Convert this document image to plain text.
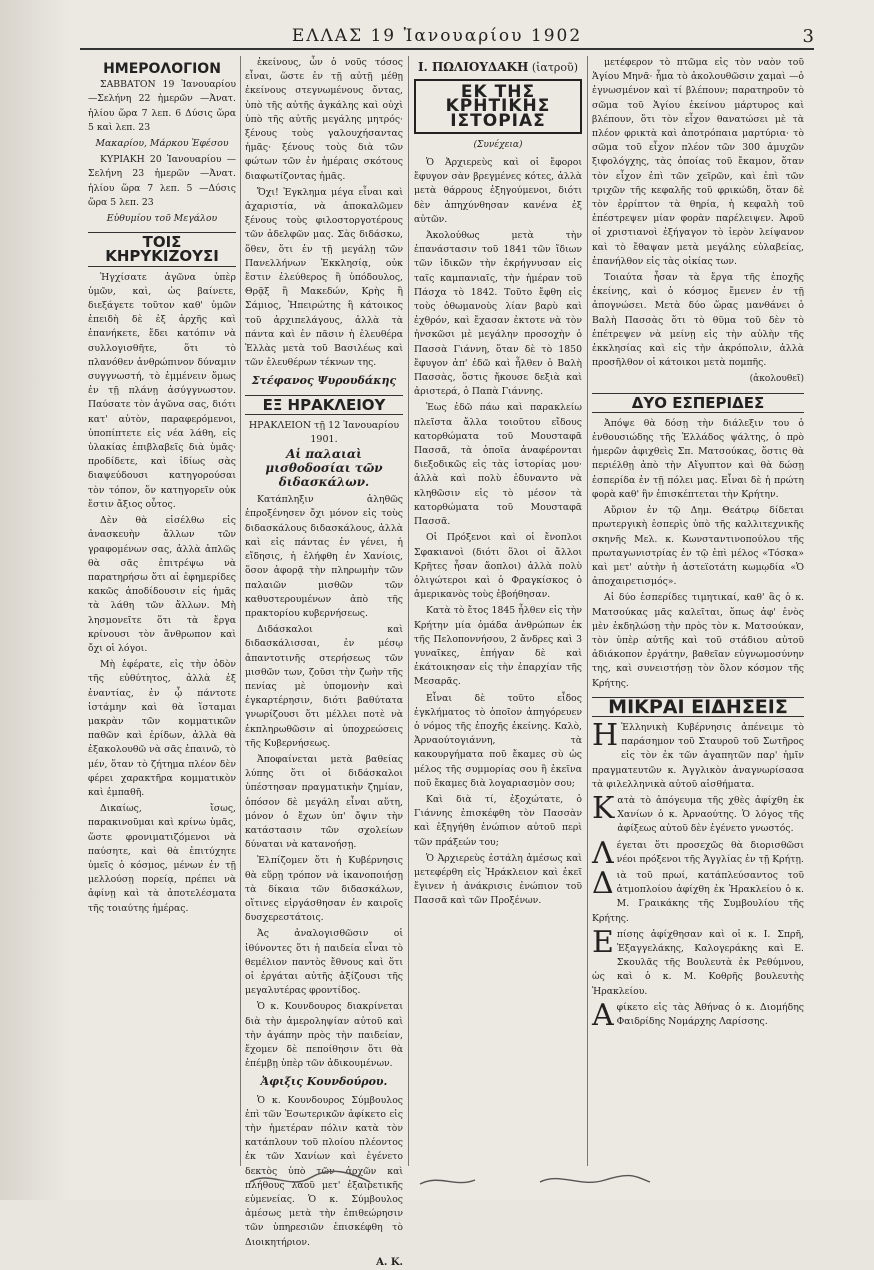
ΕΛΛΑΣ 19 Ἰανουαρίου 1902	3
ΗΜΕΡΟΛΟΓΙΟΝ

ΣΑΒΒΑΤΟΝ 19 Ἰανουαρίου —Σελήνη 22 ἡμερῶν —Ἀνατ. ἡλίου ὥρα 7 λεπ. 6 Δύσις ὥρα 5 καὶ λεπ. 23

Μακαρίου, Μάρκου Ἐφέσου

ΚΥΡΙΑΚΗ 20 Ἰανουαρίου —Σελήνη 23 ἡμερῶν —Ἀνατ. ἡλίου ὥρα 7 λεπ. 5 —Δύσις ὥρα 5 λεπ. 23

Εὐθυμίου τοῦ Μεγάλου

ΤΟΙΣ ΚΗΡΥΚΙΖΟΥΣΙ

Ἠγχίσατε ἀγῶνα ὑπὲρ ὑμῶν, καὶ, ὡς βαίνετε, διεξάγετε τοῦτον καθ' ὑμῶν ἐπειδὴ δὲ ἐξ ἀρχῆς καὶ ἐπανήκετε, ἔδει κατόπιν νὰ συλλογισθῆτε, ὅτι τὸ πλανόθεν ἀνθρώπινον δύναμιν συγγνωστή, τὸ ἐμμένειν ὅμως ἐν τῇ πλάνῃ ἀσύγγνωστον. Παύσατε τὸν ἀγῶνα σας, διότι κατ' αὐτὸν, παραφερόμενοι, ὑποπίπτετε εἰς νέα λάθη, εἰς ὑλακίας ἐπιβλαβεῖς διὰ ὑμᾶς· προδίδετε, καὶ ἰδίως σὰς διαψεύδουσι κατηγορούσαι τὸν τόπον, ὅν κατηγορεῖν οὐκ ἔστιν ἄξιος οὗτος.

Δὲν θὰ εἰσέλθω εἰς ἀνασκευὴν ἄλλων τῶν γραφομένων σας, ἀλλὰ ἀπλῶς θὰ σᾶς ἐπιτρέψω νὰ παρατηρήσω ὅτι αἱ ἐφημερίδες κακῶς ἀποδίδουσιν εἰς ἡμᾶς τὰ λάθη τῶν ἄλλων. Μὴ λησμονεῖτε ὅτι τὰ ἔργα κρίνουσι τὸν ἄνθρωπον καὶ ὄχι οἱ λόγοι.

Μὴ ἐφέρατε, εἰς τὴν ὁδὸν τῆς εὐθύτητος, ἀλλὰ ἐξ ἐναντίας, ἐν ᾧ πάντοτε ἱστάμην καὶ θὰ ἵσταμαι μακρὰν τῶν κομματικῶν παθῶν καὶ ἐρίδων, ἀλλὰ θὰ ἐξακολουθῶ νὰ σᾶς ἐπαινῶ, τὸ μέν, ὅταν τὸ ζήτημα πλέον δὲν φέρει χαρακτῆρα κομματικὸν καὶ ἐμπαθῆ.

Δικαίως, ἴσως, παρακινοῦμαι καὶ κρίνω ὑμᾶς, ὥστε φρονιματιζόμενοι νὰ παύσητε, καὶ θὰ ἐπιτύχητε ὑμεῖς ὁ κόσμος, μένων ἐν τῇ μελλούσῃ πορείᾳ, πρέπει νὰ ἀφίνῃ καὶ τὰ ἀποτελέσματα τῆς τοιαύτης ἡμέρας.

ἐκείνους, ὧν ὁ νοῦς τόσος εἶναι, ὥστε ἐν τῇ αὐτῇ μέθῃ ἐκείνους στεγνωμένους ὄντας, ὑπὸ τῆς αὐτῆς ἀγκάλης καὶ οὐχὶ ὑπὸ τῆς αὐτῆς μεγάλης μητρός· ξένους τοὺς γαλουχήσαντας ἡμᾶς· ξένους τοὺς διὰ τῶν φώτων τῶν ἐν ἡμέραις σκότους διαφωτίζοντας ἡμᾶς.

Ὄχι! Ἐγκλημα μέγα εἶναι καὶ ἀχαριστία, νὰ ἀποκαλῶμεν ξένους τοὺς φιλοστοργοτέρους τῶν ἀδελφῶν μας. Σὰς διδάσκω, ὅθεν, ὅτι ἐν τῇ μεγάλῃ τῶν Πανελλήνων Ἐκκλησίᾳ, οὐκ ἔστιν ἐλεύθερος ἢ ὑπόδουλος, Θρᾷξ ἢ Μακεδών, Κρὴς ἢ Σάμιος, Ἠπειρώτης ἢ κάτοικος τοῦ ἀρχιπελάγους, ἀλλὰ τὰ πάντα καὶ ἐν πᾶσιν ἡ ἐλευθέρα Ἑλλὰς μετὰ τοῦ Βασιλέως καὶ τῶν ἐλευθέρων τέκνων της.

Στέφανος Ψυρουδάκης
ΕΞ ΗΡΑΚΛΕΙΟΥ
ΗΡΑΚΛΕΙΟΝ τῇ 12 Ἰανουαρίου 1901.
Αἱ παλαιαὶ μισθοδοσίαι τῶν διδασκάλων.

Κατάπληξιν ἀληθῶς ἐπροξένησεν ὄχι μόνον εἰς τοὺς διδασκάλους διδασκάλους, ἀλλὰ καὶ εἰς πάντας ἐν γένει, ἡ εἴδησις, ἡ ἐλήφθη ἐν Χανίοις, ὅσον ἀφορᾷ τὴν πληρωμὴν τῶν παλαιῶν μισθῶν τῶν καθυστερουμένων ἀπὸ τῆς πρακτορίου κυβερνήσεως.

Διδάσκαλοι καὶ διδασκάλισσαι, ἐν μέσῳ ἀπαντοτινῆς στερήσεως τῶν μισθῶν των, ζοῦσι τὴν ζωὴν τῆς πενίας μὲ ὑπομονὴν καὶ ἐγκαρτέρησιν, διότι βαθύτατα γνωρίζουσι ὅτι μέλλει ποτὲ νὰ ἐκπληρωθῶσιν αἱ ὑποχρεώσεις τῆς Κυβερνήσεως.

Ἀποφαίνεται μετὰ βαθείας λύπης ὅτι οἱ διδάσκαλοι ὑπέστησαν πραγματικὴν ζημίαν, ὁπόσον δὲ μεγάλη εἶναι αὕτη, μόνον ὁ ἔχων ὑπ' ὄψιν τὴν κατάστασιν τῶν σχολείων δύναται νὰ κατανοήσῃ.

Ἐλπίζομεν ὅτι ἡ Κυβέρνησις θὰ εὕρῃ τρόπον νὰ ἱκανοποιήσῃ τὰ δίκαια τῶν διδασκάλων, οἵτινες εἰργάσθησαν ἐν καιροῖς δυσχερεστάτοις.

Ἀς ἀναλογισθῶσιν οἱ ἰθύνοντες ὅτι ἡ παιδεία εἶναι τὸ θεμέλιον παντὸς ἔθνους καὶ ὅτι οἱ ἐργάται αὐτῆς ἀξίζουσι τῆς μεγαλυτέρας φροντίδος.

Ὁ κ. Κουνδουρος διακρίνεται διὰ τὴν ἀμεροληψίαν αὐτοῦ καὶ τὴν ἀγάπην πρὸς τὴν παιδείαν, ἔχομεν δὲ πεποίθησιν ὅτι θὰ ἐπέμβῃ ὑπὲρ τῶν ἀδικουμένων.

Ἀφιξις Κουνδούρου.

Ὁ κ. Κουνδουρος Σύμβουλος ἐπὶ τῶν Ἐσωτερικῶν ἀφίκετο εἰς τὴν ἡμετέραν πόλιν κατὰ τὸν κατάπλουν τοῦ πλοίου πλέοντος ἐκ τῶν Χανίων καὶ ἐγένετο δεκτὸς ὑπὸ τῶν ἀρχῶν καὶ πλήθους λαοῦ μετ' ἐξαιρετικῆς εὐμενείας. Ὁ κ. Σύμβουλος ἀμέσως μετὰ τὴν ἐπιθεώρησιν τῶν ὑπηρεσιῶν ἐπισκέφθη τὸ Διοικητήριον.

Α. Κ.
Ι. ΠΩΛΙΟΥΔΑΚΗ (ἰατροῦ)
ΕΚ ΤΗΣ ΚΡΗΤΙΚΗΣ ΙΣΤΟΡΙΑΣ
(Συνέχεια)

Ὁ Ἀρχιερεὺς καὶ οἱ ἔφοροι ἔφυγον σὰν βρεγμένες κότες, ἀλλὰ μετὰ θάρρους ἐξηγούμενοι, διότι δὲν ἀπηχύνθησαν κανένα ἐξ αὐτῶν.

Ἀκολούθως μετὰ τὴν ἐπανάστασιν τοῦ 1841 τῶν ἴδιων τῶν ἰδικῶν τὴν ἐκρήγνυσαν εἰς ταῖς καμπανιαῖς, τὴν ἡμέραν τοῦ Πάσχα τὸ 1842. Τοῦτο ἔφθη εἰς τοὺς ὀθωμανοὺς λίαν βαρὺ καὶ ἐχθρόν, καὶ ἔχασαν ἐκτοτε νὰ τὸν ἠνσκῶσι μὲ μεγάλην προσοχὴν ὁ Πασσὰ Γιάννη, ὅταν δὲ τὸ 1850 ἔφυγον ἀπ' ἐδῶ καὶ ἦλθεν ὁ Βαλὴ Πασσὰς, ὅστις ἤκουσε δεξιὰ καὶ ἀριστερά, ὁ Παπὰ Γιάννης.

Ἐως ἐδῶ πάω καὶ παρακλείω πλεῖστα ἄλλα τοιοῦτου εἴδους κατορθώματα τοῦ Μουσταφᾶ Πασσᾶ, τὰ ὁποῖα ἀναφέρονται διεξοδικῶς εἰς τὰς ἱστορίας μου· ἀλλὰ καὶ πολὺ ἐδυναντο νὰ κληθῶσιν εἰς τὸ μέσον τὰ κατορθώματα τοῦ Μουσταφᾶ Πασσᾶ.

Οἱ Πρόξενοι καὶ οἱ ἔνοπλοι Σφακιανοὶ (διότι ὅλοι οἱ ἄλλοι Κρῆτες ἦσαν ἄοπλοι) ἀλλὰ πολὺ ὀλιγώτεροι καὶ ὁ Φραγκίσκος ὁ ἀμερικανὸς τοὺς ἐβοήθησαν.

Κατὰ τὸ ἔτος 1845 ἦλθεν εἰς τὴν Κρήτην μία ὁμάδα ἀνθρώπων ἐκ τῆς Πελοποννήσου, 2 ἄνδρες καὶ 3 γυναῖκες, ἐπήγαν δὲ καὶ ἐκάτοικησαν εἰς τὴν ἐπαρχίαν τῆς Μεσαρᾶς.

Εἶναι δὲ τοῦτο εἶδος ἐγκλήματος τὸ ὁποῖον ἀπηγόρευεν ὁ νόμος τῆς ἐποχῆς ἐκείνης. Καλὸ, Ἀρναούτογιάννη, τὰ κακουργήματα ποῦ ἔκαμες σὺ ὡς μέλος τῆς συμμορίας σου ἢ ἐκεῖνα ποῦ ἔκαμες διὰ λογαριασμὸν σου;

Καὶ διὰ τί, ἐξοχώτατε, ὁ Γιάννης ἐπισκέφθη τὸν Πασσὰν καὶ ἐξηγήθη ἐνώπιον αὐτοῦ περὶ τῶν πράξεών του;

Ὁ Ἀρχιερεὺς ἐστάλη ἀμέσως καὶ μετεφέρθη εἰς Ἡράκλειον καὶ ἐκεῖ ἔγινεν ἡ ἀνάκρισις ἐνώπιον τοῦ Πασσᾶ καὶ τῶν Προξένων.

μετέφερον τὸ πτῶμα εἰς τὸν ναὸν τοῦ Ἁγίου Μηνᾶ· ἦμα τὸ ἀκολουθῶσιν χαμαὶ —ὁ ἐγνωσμένον καὶ τί βλέπουν; παρατηροῦν τὸ σῶμα τοῦ Ἁγίου ἐκείνου μάρτυρος καὶ βλέπουν, ὅτι τὸν εἶχον θανατώσει μὲ τὰ πλέον φρικτὰ καὶ ἀποτρόπαια μαρτύρια· τὸ σῶμα τοῦ εἶχον πλέον τῶν 300 ἀμυχῶν ξιφολόγχης, τὰς ὁποίας τοῦ ἔκαμον, ὅταν τὸν εἶχον ἐπὶ τῶν χεῖρῶν, καὶ ἐπὶ τῶν τριχῶν τῆς κεφαλῆς τοῦ φρικώδη, ὅταν δὲ τὸν ἐρρίπτον τὰ θηρία, ἡ κεφαλὴ τοῦ ἐπέστρεψεν μίαν φορὰν παρέλειψεν. Ἀφοῦ οἱ χριστιανοὶ ἐξήγαγον τὸ ἱερὸν λείψανον καὶ τὸ ἔθαψαν μετὰ μεγάλης εὐλαβείας, ἐπανήλθον εἰς τὰς οἰκίας των.

Τοιαύτα ἦσαν τὰ ἔργα τῆς ἐποχῆς ἐκείνης, καὶ ὁ κόσμος ἔμενεν ἐν τῇ ἀπογνώσει. Μετὰ δύο ὥρας μανθάνει ὁ Βαλὴ Πασσὰς ὅτι τὸ θῦμα τοῦ δὲν τὸ ἐπέτρεψεν νὰ μείνῃ εἰς τὴν αὐλὴν τῆς ἐκκλησίας καὶ εἰς τὴν ἀκρόπολιν, ἀλλὰ προσῆλθον οἱ κάτοικοι μετὰ πομπῆς.

(ἀκολουθεῖ)
ΔΥΟ ΕΣΠΕΡΙΔΕΣ

Ἀπόψε θὰ δόσῃ τὴν διάλεξιν του ὁ ἐνθουσιώδης τῆς Ἑλλάδος ψάλτης, ὁ πρὸ ἡμερῶν ἀφιχθεὶς Σπ. Ματσούκας, ὅστις θὰ περιέλθῃ ἀπὸ τὴν Αἴγυπτον καὶ θὰ δώσῃ ἐσπερίδα ἐν τῇ πόλει μας. Εἶναι δὲ ἡ πρώτη φορὰ καθ' ἣν ἐπισκέπτεται τὴν Κρήτην.

Αὔριον ἐν τῷ Δημ. Θεάτρῳ δίδεται πρωτεργικὴ ἑσπερὶς ὑπὸ τῆς καλλιτεχνικῆς σκηνῆς Μελ. κ. Κωνσταντινοπούλου τῆς πρωταγωνιστρίας ἐν τῷ ἐπὶ μέλος «Τόσκα» καὶ μετ' αὐτὴν ἡ ἀστεϊοτάτη κωμῳδία «Ὁ ἀποχαιρετισμός».

Αἱ δύο ἑσπερίδες τιμητικαί, καθ' ἃς ὁ κ. Ματσούκας μᾶς καλεῖται, ὅπως ἀφ' ἑνὸς μὲν ἐκδηλώσῃ τὴν πρὸς τὸν κ. Ματσούκαν, τὸν ὑπὲρ αὐτῆς καὶ τοῦ στάδιου αὐτοῦ ἀδιάκοπον ἐργάτην, βαθεῖαν εὐγνωμοσύνην της, καὶ συνειστήσῃ τὸν ὅλον κόσμον τῆς Κρήτης.

ΜΙΚΡΑΙ ΕΙΔΗΣΕΙΣ

Η Ἑλληνικὴ Κυβέρνησις ἀπένειμε τὸ παράσημον τοῦ Σταυροῦ τοῦ Σωτῆρος εἰς τὸν ἐκ τῶν ἀγαπητῶν παρ' ἡμῖν πραγματευτῶν κ. Ἀγγλικὸν ἀναγνωρίσασα τὰ φιλελληνικὰ αὐτοῦ αἰσθήματα.

Κατὰ τὸ ἀπόγευμα τῆς χθὲς ἀφίχθη ἐκ Χανίων ὁ κ. Ἀρναούτης. Ὁ λόγος τῆς ἀφίξεως αὐτοῦ δὲν ἐγένετο γνωστός.

Λέγεται ὅτι προσεχῶς θὰ διορισθῶσι νέοι πρόξενοι τῆς Ἀγγλίας ἐν τῇ Κρήτῃ.

Διὰ τοῦ πρωί, κατάπλεύσαντος τοῦ ἀτμοπλοίου ἀφίχθη ἐκ Ἡρακλείου ὁ κ. Μ. Γραικάκης τῆς Συμβουλίου τῆς Κρήτης.

Επίσης ἀφίχθησαν καὶ οἱ κ. Ι. Σπρῆ, Ἐξαγγελάκης, Καλογεράκης καὶ Ε. Σκουλᾶς τῆς Βουλευτὰ ἐκ Ρεθύμνου, ὡς καὶ ὁ κ. Μ. Κοθρῆς βουλευτὴς Ἡρακλείου.

Αφίκετο εἰς τὰς Ἀθήνας ὁ κ. Διομήδης Φαιδρίδης Νομάρχης Λαρίσσης.
